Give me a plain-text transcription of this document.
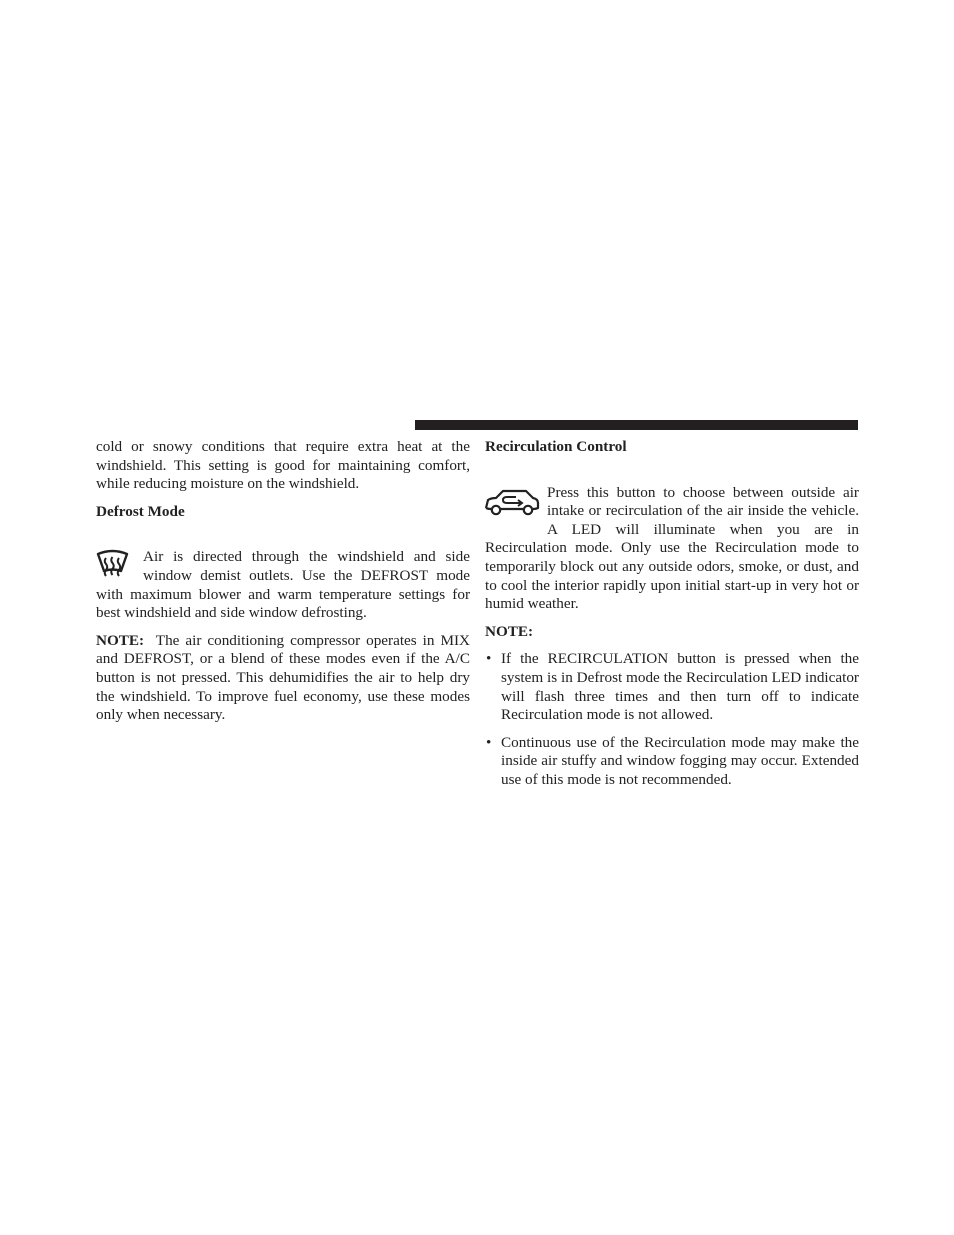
cold or snowy conditions that require extra heat at the windshield. This setting is good for maintaining comfort, while reducing moisture on the windshield.

Defrost Mode

Air is directed through the windshield and side window demist outlets. Use the DEFROST mode with maximum blower and warm temperature settings for best windshield and side window defrosting.

NOTE: The air conditioning compressor operates in MIX and DEFROST, or a blend of these modes even if the A/C button is not pressed. This dehumidifies the air to help dry the windshield. To improve fuel economy, use these modes only when necessary.

Recirculation Control

Press this button to choose between outside air intake or recirculation of the air inside the vehicle. A LED will illuminate when you are in Recirculation mode. Only use the Recirculation mode to temporarily block out any outside odors, smoke, or dust, and to cool the interior rapidly upon initial start-up in very hot or humid weather.

NOTE:

• If the RECIRCULATION button is pressed when the system is in Defrost mode the Recirculation LED indicator will flash three times and then turn off to indicate Recirculation mode is not allowed.
• Continuous use of the Recirculation mode may make the inside air stuffy and window fogging may occur. Extended use of this mode is not recommended.
